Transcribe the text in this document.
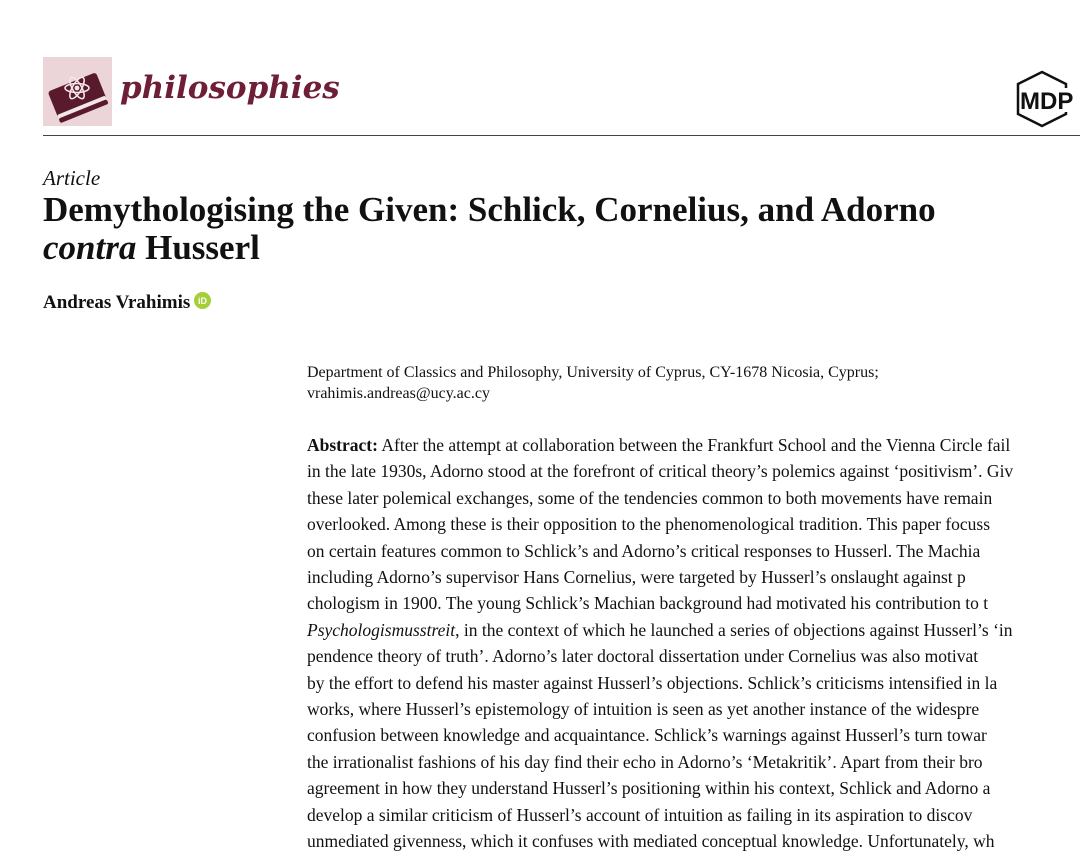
philosophies	MDP
Article
Demythologising the Given: Schlick, Cornelius, and Adorno
contra Husserl
Andreas Vrahimis iD
Department of Classics and Philosophy, University of Cyprus, CY-1678 Nicosia, Cyprus;
vrahimis.andreas@ucy.ac.cy
Abstract: After the attempt at collaboration between the Frankfurt School and the Vienna Circle fail
in the late 1930s, Adorno stood at the forefront of critical theory’s polemics against ‘positivism’. Giv
these later polemical exchanges, some of the tendencies common to both movements have remain
overlooked. Among these is their opposition to the phenomenological tradition. This paper focuss
on certain features common to Schlick’s and Adorno’s critical responses to Husserl. The Machia
including Adorno’s supervisor Hans Cornelius, were targeted by Husserl’s onslaught against p
chologism in 1900. The young Schlick’s Machian background had motivated his contribution to t
Psychologismusstreit, in the context of which he launched a series of objections against Husserl’s ‘in
pendence theory of truth’. Adorno’s later doctoral dissertation under Cornelius was also motivat
by the effort to defend his master against Husserl’s objections. Schlick’s criticisms intensified in la
works, where Husserl’s epistemology of intuition is seen as yet another instance of the widespre
confusion between knowledge and acquaintance. Schlick’s warnings against Husserl’s turn towar
the irrationalist fashions of his day find their echo in Adorno’s ‘Metakritik’. Apart from their bro
agreement in how they understand Husserl’s positioning within his context, Schlick and Adorno a
develop a similar criticism of Husserl’s account of intuition as failing in its aspiration to discov
unmediated givenness, which it confuses with mediated conceptual knowledge. Unfortunately, wh
